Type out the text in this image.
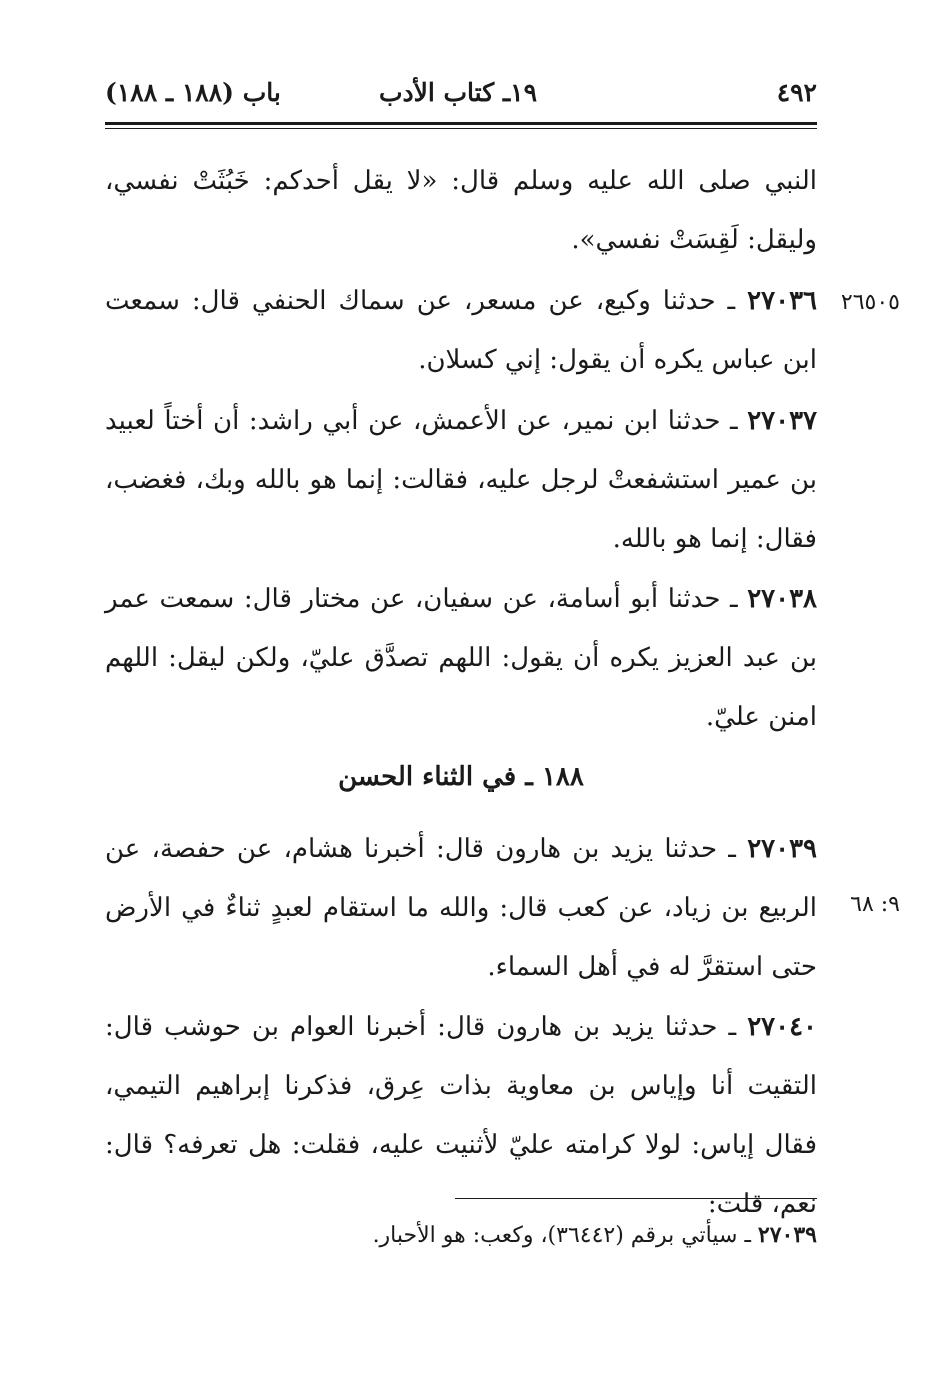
٤٩٢
١٩ـ كتاب الأدب
باب (١٨٨ ـ ١٨٨)
النبي صلى الله عليه وسلم قال: «لا يقل أحدكم: خَبُثَتْ نفسي، وليقل: لَقِسَتْ نفسي».
٢٦٥٠٥
٢٧٠٣٦ ـ حدثنا وكيع، عن مسعر، عن سماك الحنفي قال: سمعت ابن عباس يكره أن يقول: إني كسلان.
٢٧٠٣٧ ـ حدثنا ابن نمير، عن الأعمش، عن أبي راشد: أن أختاً لعبيد بن عمير استشفعتْ لرجل عليه، فقالت: إنما هو بالله وبك، فغضب، فقال: إنما هو بالله.
٢٧٠٣٨ ـ حدثنا أبو أسامة، عن سفيان، عن مختار قال: سمعت عمر بن عبد العزيز يكره أن يقول: اللهم تصدَّق عليّ، ولكن ليقل: اللهم امنن عليّ.
١٨٨ ـ في الثناء الحسن
٩: ٦٨
٢٧٠٣٩ ـ حدثنا يزيد بن هارون قال: أخبرنا هشام، عن حفصة، عن الربيع بن زياد، عن كعب قال: والله ما استقام لعبدٍ ثناءٌ في الأرض حتى استقرَّ له في أهل السماء.
٢٧٠٤٠ ـ حدثنا يزيد بن هارون قال: أخبرنا العوام بن حوشب قال: التقيت أنا وإياس بن معاوية بذات عِرق، فذكرنا إبراهيم التيمي، فقال إياس: لولا كرامته عليّ لأثنيت عليه، فقلت: هل تعرفه؟ قال: نعم، قلت:
٢٧٠٣٩ ـ سيأتي برقم (٣٦٤٤٢)، وكعب: هو الأحبار.
